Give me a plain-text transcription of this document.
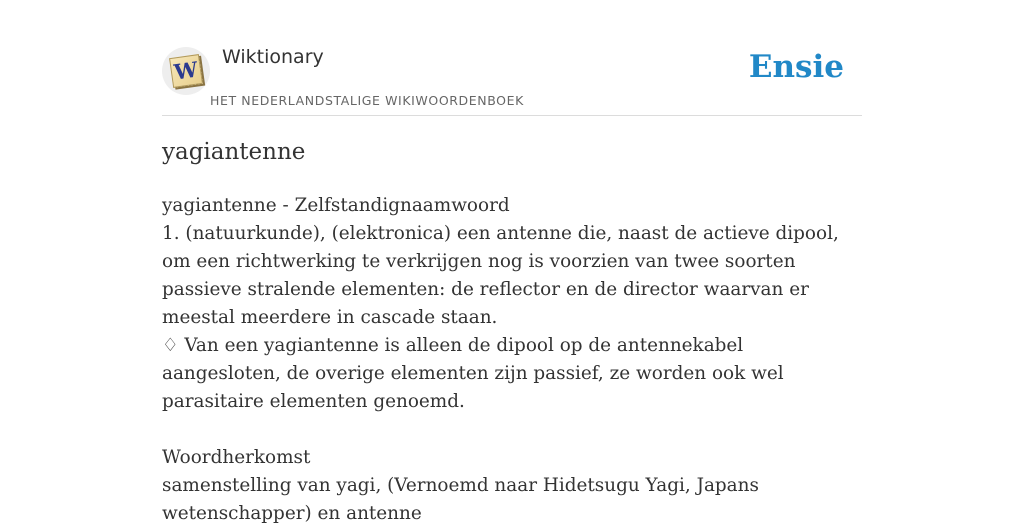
W Wiktionary
HET NEDERLANDSTALIGE WIKIWOORDENBOEK
Ensie
yagiantenne

yagiantenne - Zelfstandignaamwoord

1. (natuurkunde), (elektronica) een antenne die, naast de actieve dipool, om een richtwerking te verkrijgen nog is voorzien van twee soorten passieve stralende elementen: de reflector en de director waarvan er meestal meerdere in cascade staan.

♢ Van een yagiantenne is alleen de dipool op de antennekabel aangesloten, de overige elementen zijn passief, ze worden ook wel parasitaire elementen genoemd.

Woordherkomst

samenstelling van yagi, (Vernoemd naar Hidetsugu Yagi, Japans wetenschapper) en antenne
